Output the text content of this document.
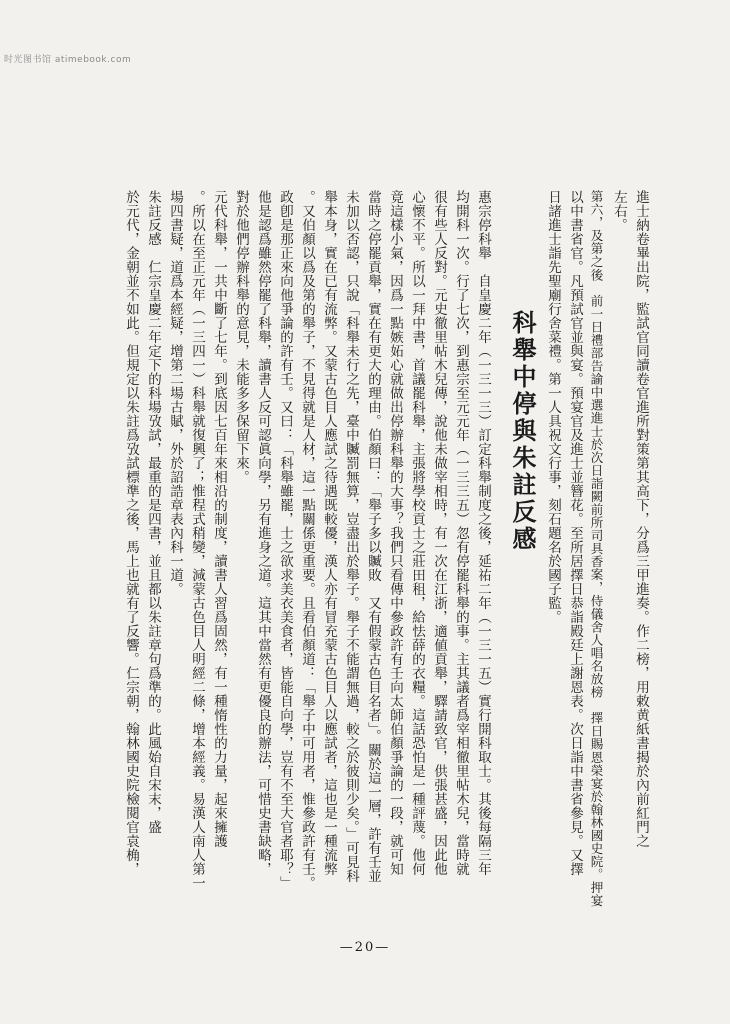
时光图书馆 atimebook.com
進士納卷畢出院，監試官同讀卷官進所對策第其高下，分爲三甲進奏。作二榜，用敕黄紙書揭於內前紅門之
左右。
第六，及第之後　前一日禮部告諭中選進士於次日詣闕前所司具香案，侍儀舍人唱名放榜　擇日賜恩榮宴於翰林國史院。押宴
以中書省官。凡預試官並與宴。預宴官及進士並簪花。至所居擇日恭詣殿廷上謝恩表。次日詣中書省參見。又擇
日諸進士詣先聖廟行舍菜禮。第一人具祝文行事，刻石題名於國子監。
科舉中停與朱註反感
惠宗停科舉　自皇慶二年（一三一三）訂定科舉制度之後，延祐二年（一三一五）實行開科取士。其後每隔三年
均開科一次。行了七次，到惠宗至元元年（一三三五）忽有停罷科舉的事。主其議者爲宰相徹里帖木兒，當時就
很有些人反對。元史徹里帖木兒傳，說他未做宰相時，有一次在江浙，適値貢舉，驛請致官，供張甚盛，因此他
心懷不平。所以一拜中書，首議罷科舉，主張將學校貢士之莊田租，給怯薛的衣糧。這話恐怕是一種評蔑。他何
竟這樣小氣，因爲一點嫉妬心就做出停辦科舉的大事？我們只看傳中參政許有壬向太師伯顏爭論的一段，就可知
當時之停罷貢舉，實在有更大的理由。伯顏曰：「舉子多以贓敗　又有假蒙古色目名者」。關於這一層，許有壬並
未加以否認，只說「科舉未行之先，臺中贓罰無算，豈盡出於舉子。舉子不能謂無過，較之於彼則少矣。」可見科
舉本身，實在已有流弊。又蒙古色目人應試之待遇既較優，漢人亦有冒充蒙古色目人以應試者，這也是一種流弊
。又伯顏以爲及第的舉子，不見得就是人材，這一點關係更重要。且看伯顏道：「舉子中可用者，惟參政許有壬。
政卽是那正來向他爭論的許有壬。又曰：「科舉雖罷，士之欲求美衣美食者，皆能自向學，豈有不至大官者耶？」
他是認爲雖然停罷了科舉，讀書人反可認眞向學，另有進身之道。這其中當然有更優良的辦法，可惜史書缺略，
對於他們停辦科舉的意見，未能多多保留下來。
元代科舉，一共中斷了七年。到底因七百年來相沿的制度，讀書人習爲固然，有一種惰性的力量，起來擁護
。所以在至正元年（一三四一）科舉就復興了；惟程式稍變，減蒙古色目人明經二條，增本經義。易漢人南人第一
場四書疑，道爲本經疑，增第二場古賦，外於詔誥章表內科一道。
朱註反感　仁宗皇慶二年定下的科場攷試，最重的是四書，並且都以朱註章句爲準的。此風始自宋末，盛
於元代，金朝並不如此。但規定以朱註爲攷試標準之後，馬上也就有了反響。仁宗朝，翰林國史院檢閱官袁桷，
—20—
